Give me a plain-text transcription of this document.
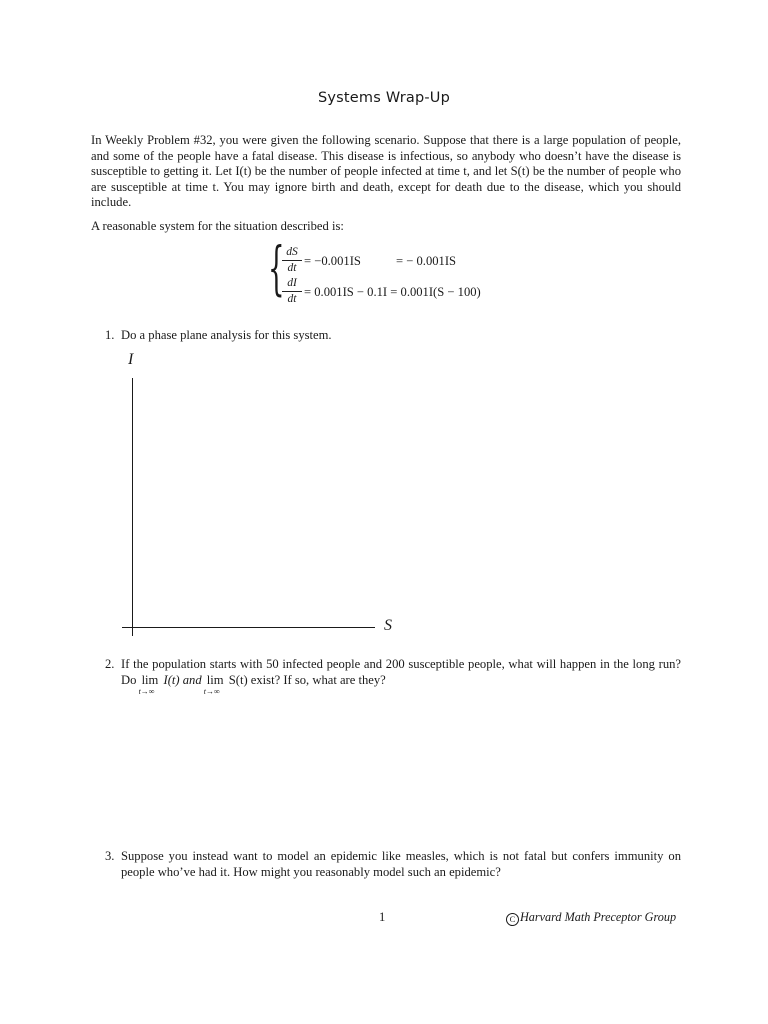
Systems Wrap-Up
In Weekly Problem #32, you were given the following scenario. Suppose that there is a large population of people, and some of the people have a fatal disease. This disease is infectious, so anybody who doesn’t have the disease is susceptible to getting it. Let I(t) be the number of people infected at time t, and let S(t) be the number of people who are susceptible at time t. You may ignore birth and death, except for death due to the disease, which you should include.
A reasonable system for the situation described is:
{
$\frac{dS}{dt} = -0.001IS$	= − 0.001IS
$\frac{dI}{dt} = 0.001IS - 0.1I = 0.001I(S - 100)$
1. Do a phase plane analysis for this system.
I
S
2. If the population starts with 50 infected people and 200 susceptible people, what will happen in the long run? Do lim
t→∞
I(t) and lim
t→∞
S(t) exist? If so, what are they?
3. Suppose you instead want to model an epidemic like measles, which is not fatal but confers immunity on people who’ve had it. How might you reasonably model such an epidemic?
1	C Harvard Math Preceptor Group
